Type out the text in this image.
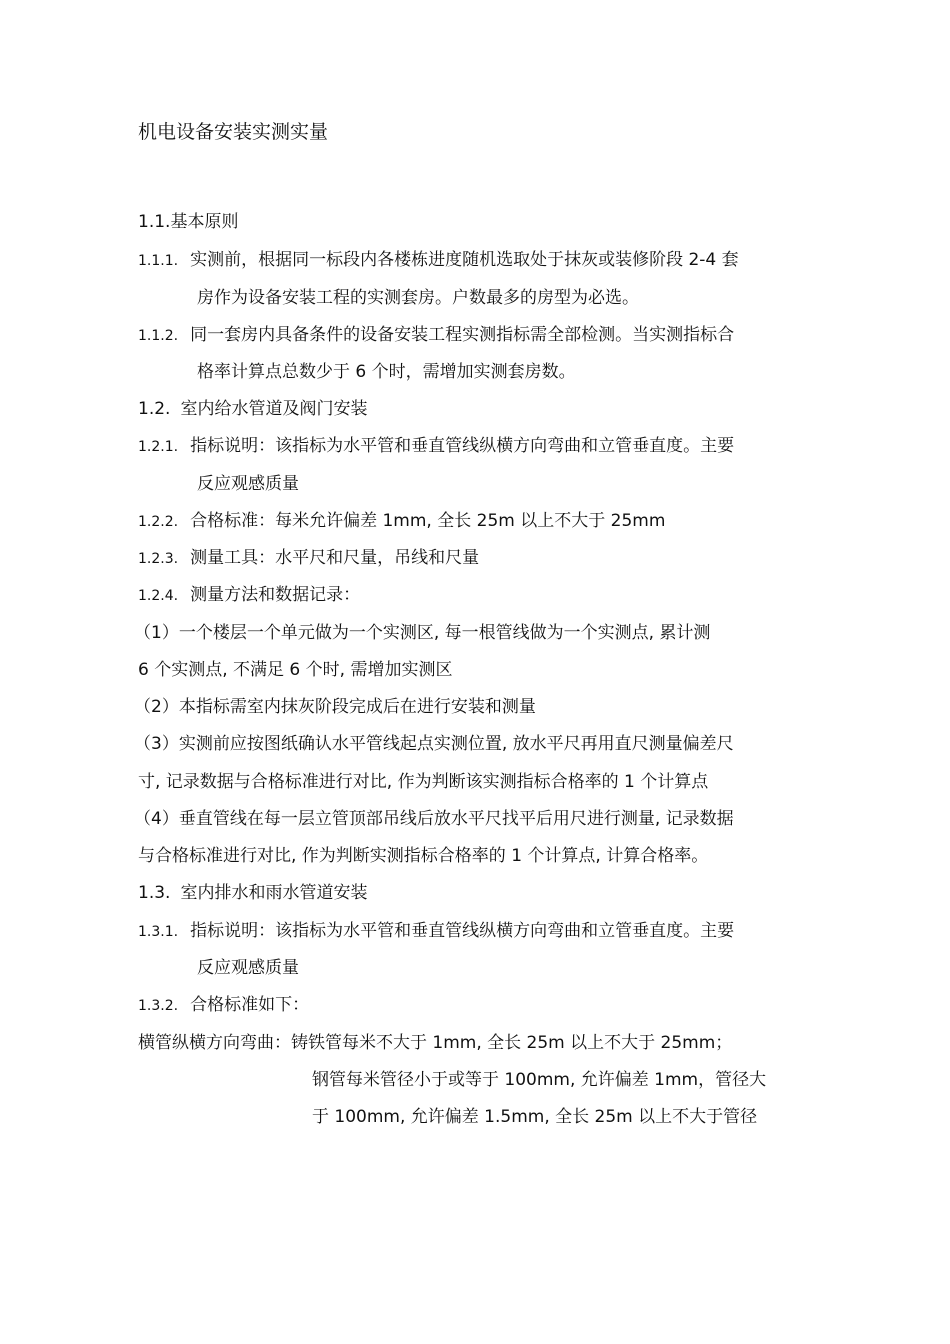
机电设备安装实测实量
1.1.基本原则
1.1.1. 实测前，根据同一标段内各楼栋进度随机选取处于抹灰或装修阶段 2-4 套
房作为设备安装工程的实测套房。户数最多的房型为必选。
1.1.2. 同一套房内具备条件的设备安装工程实测指标需全部检测。当实测指标合
格率计算点总数少于 6 个时，需增加实测套房数。
1.2. 室内给水管道及阀门安装
1.2.1. 指标说明：该指标为水平管和垂直管线纵横方向弯曲和立管垂直度。主要
反应观感质量
1.2.2. 合格标准：每米允许偏差 1mm, 全长 25m 以上不大于 25mm
1.2.3. 测量工具：水平尺和尺量，吊线和尺量
1.2.4. 测量方法和数据记录：
（1）一个楼层一个单元做为一个实测区, 每一根管线做为一个实测点, 累计测
6 个实测点, 不满足 6 个时, 需增加实测区
（2）本指标需室内抹灰阶段完成后在进行安装和测量
（3）实测前应按图纸确认水平管线起点实测位置, 放水平尺再用直尺测量偏差尺
寸, 记录数据与合格标准进行对比, 作为判断该实测指标合格率的 1 个计算点
（4）垂直管线在每一层立管顶部吊线后放水平尺找平后用尺进行测量, 记录数据
与合格标准进行对比, 作为判断实测指标合格率的 1 个计算点, 计算合格率。
1.3. 室内排水和雨水管道安装
1.3.1. 指标说明：该指标为水平管和垂直管线纵横方向弯曲和立管垂直度。主要
反应观感质量
1.3.2. 合格标准如下：
横管纵横方向弯曲：铸铁管每米不大于 1mm, 全长 25m 以上不大于 25mm；
钢管每米管径小于或等于 100mm, 允许偏差 1mm，管径大
于 100mm, 允许偏差 1.5mm, 全长 25m 以上不大于管径
